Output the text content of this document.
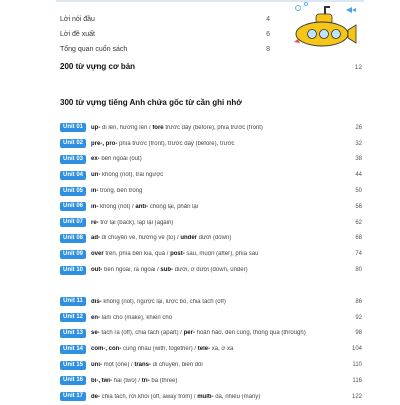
Lời nói đầu	4
Lời đề xuất	6
Tổng quan cuốn sách	8
200 từ vựng cơ bản	12
300 từ vựng tiếng Anh chứa gốc từ cần ghi nhớ
Unit 01	up- đi lên, hướng lên / fore trước đây (before), phía trước (front)	26
Unit 02	pre-, pro- phía trước (front), trước đây (before), trước	32
Unit 03	ex- bên ngoài (out)	38
Unit 04	un- không (not), trái ngược	44
Unit 05	in- trong, bên trong	50
Unit 06	in- không (not) / anti- chống lại, phản lại	56
Unit 07	re- trở lại (back), lặp lại (again)	62
Unit 08	ad- di chuyển về, hướng về (to) / under dưới (down)	68
Unit 09	over trên, phía bên kia, quá / post- sau, muộn (after), phía sau	74
Unit 10	out- bên ngoài, ra ngoài / sub- dưới, ở dưới (down, under)	80
Unit 11	dis- không (not), ngược lại, lược bỏ, chia tách (off)	86
Unit 12	en- làm cho (make), khiến cho	92
Unit 13	se- tách ra (off), chia tách (apart) / per- hoàn hảo, đến cùng, thông qua (through)	98
Unit 14	com-, con- cùng nhau (with, together) / tele- xa, ở xa	104
Unit 15	uni- một (one) / trans- di chuyển, biến đổi	110
Unit 16	bi-, twi- hai (two) / tri- ba (three)	116
Unit 17	de- chia tách, rời khỏi (off, away from) / multi- đa, nhiều (many)	122
